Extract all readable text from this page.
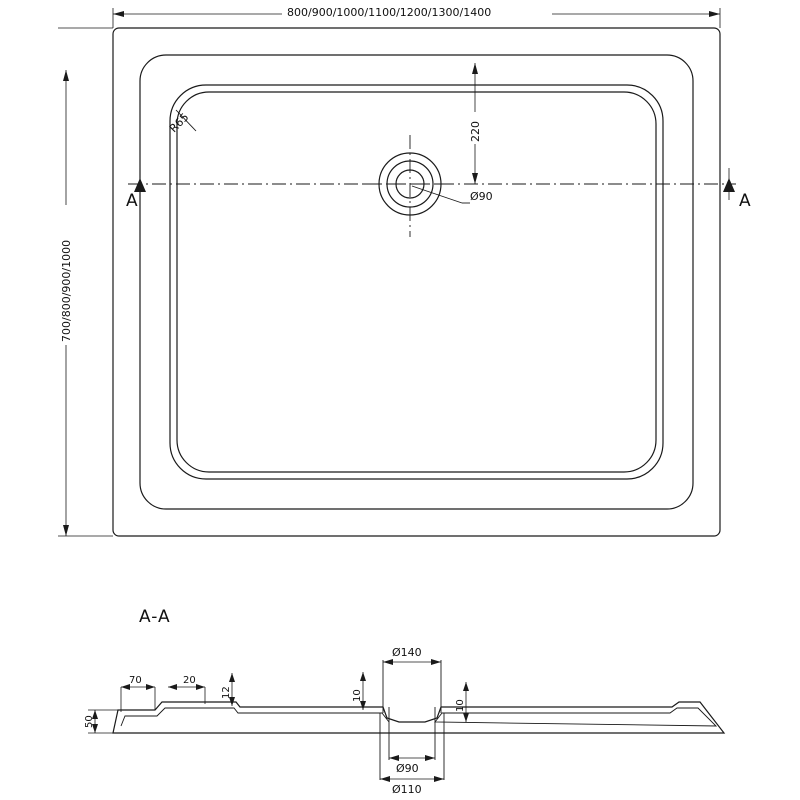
R65
Ø90
A	A
800/900/1000/1100/1200/1300/1400
700/800/900/1000
220
A-A
Ø140
Ø90
Ø110
70	20
12	10
10
50
